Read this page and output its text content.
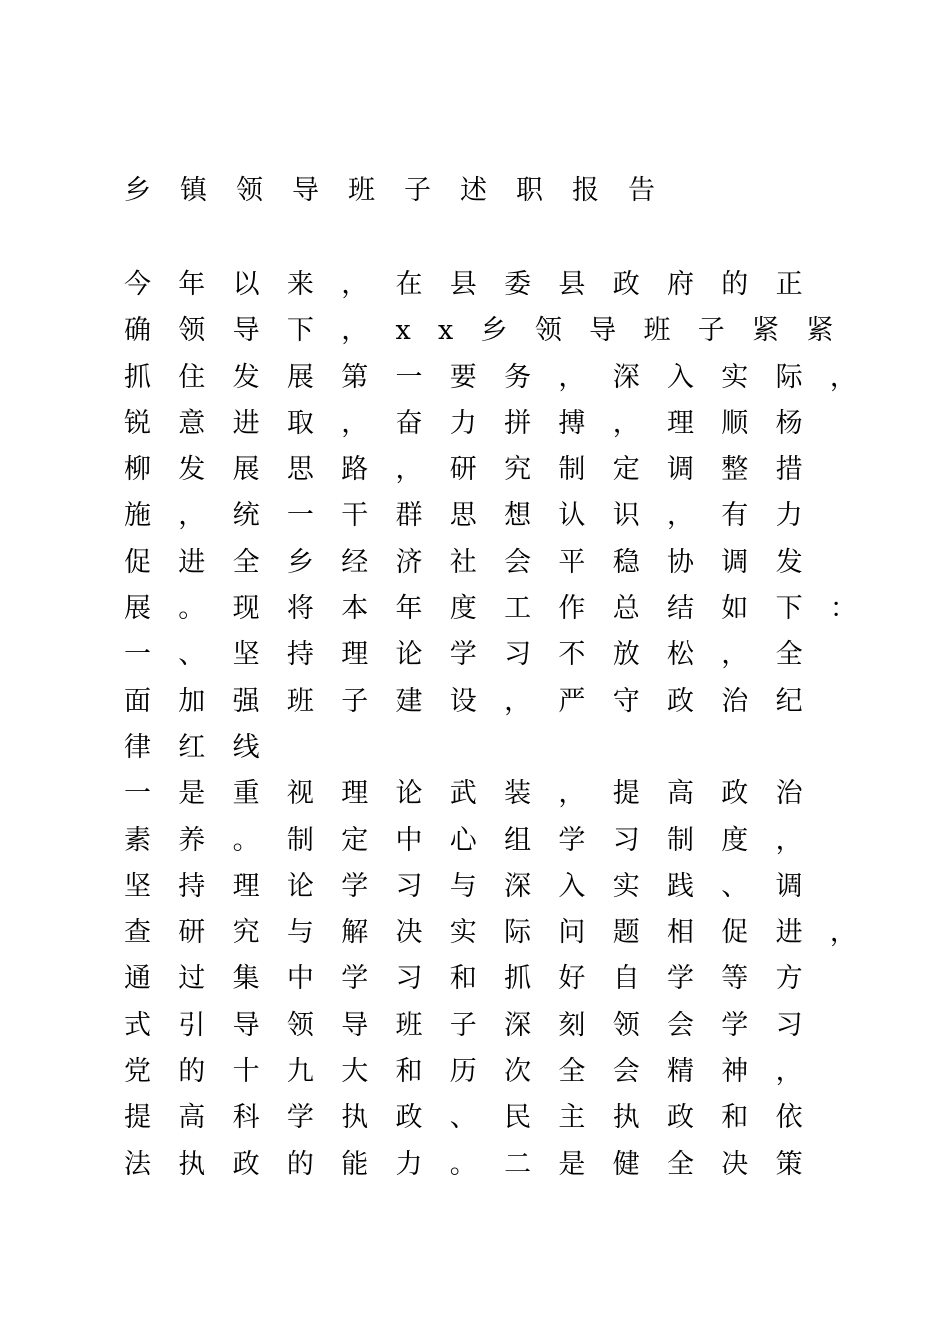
乡镇领导班子述职报告
今年以来，在县委县政府的正
确领导下，xx乡领导班子紧紧
抓住发展第一要务，深入实际，
锐意进取，奋力拼搏，理顺杨
柳发展思路，研究制定调整措
施，统一干群思想认识，有力
促进全乡经济社会平稳协调发
展。现将本年度工作总结如下：
一、坚持理论学习不放松，全
面加强班子建设，严守政治纪
律红线
一是重视理论武装，提高政治
素养。制定中心组学习制度，
坚持理论学习与深入实践、调
查研究与解决实际问题相促进，
通过集中学习和抓好自学等方
式引导领导班子深刻领会学习
党的十九大和历次全会精神，
提高科学执政、民主执政和依
法执政的能力。二是健全决策
